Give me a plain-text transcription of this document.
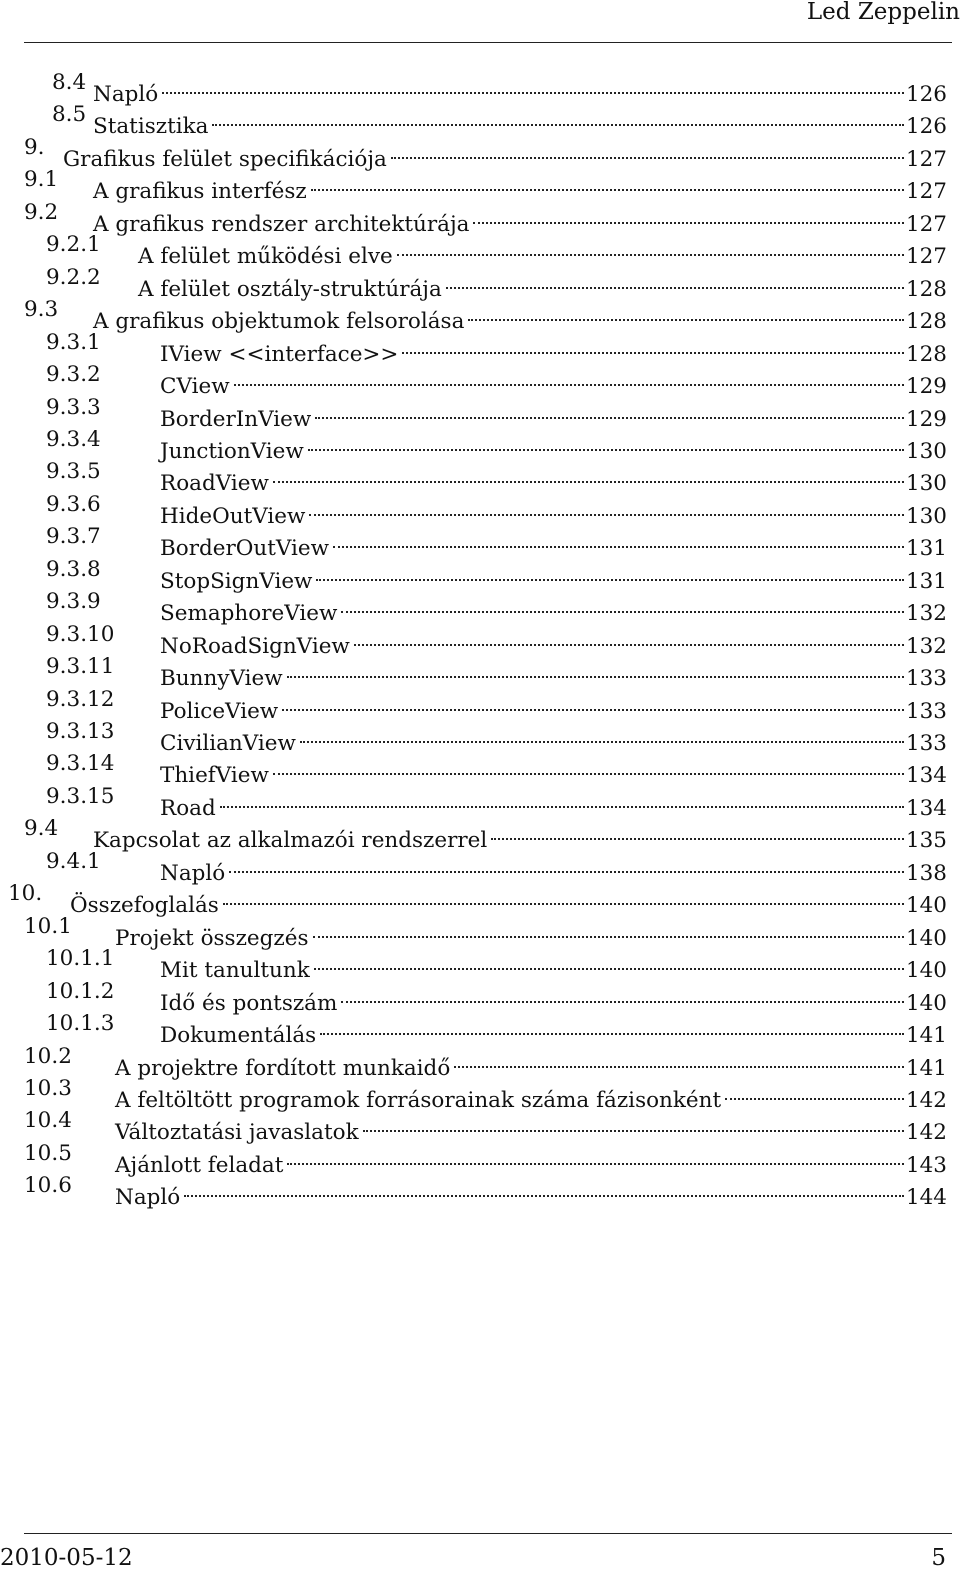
Led Zeppelin
8.4 Napló	126
8.5 Statisztika	126
9. Grafikus felület specifikációja	127
9.1 A grafikus interfész	127
9.2 A grafikus rendszer architektúrája	127
9.2.1 A felület működési elve	127
9.2.2 A felület osztály-struktúrája	128
9.3 A grafikus objektumok felsorolása	128
9.3.1	IView <<interface>>	128
9.3.2	CView	129
9.3.3	BorderInView	129
9.3.4	JunctionView	130
9.3.5	RoadView	130
9.3.6	HideOutView	130
9.3.7	BorderOutView	131
9.3.8	StopSignView	131
9.3.9	SemaphoreView	132
9.3.10 NoRoadSignView	132
9.3.11 BunnyView	133
9.3.12 PoliceView	133
9.3.13 CivilianView	133
9.3.14 ThiefView	134
9.3.15 Road	134
9.4 Kapcsolat az alkalmazói rendszerrel	135
9.4.1	Napló	138
10. Összefoglalás	140
10.1 Projekt összegzés	140
10.1.1 Mit tanultunk	140
10.1.2 Idő és pontszám	140
10.1.3 Dokumentálás	141
10.2 A projektre fordított munkaidő	141
10.3 A feltöltött programok forrásorainak száma fázisonként	142
10.4 Változtatási javaslatok	142
10.5 Ajánlott feladat	143
10.6 Napló	144
2010-05-12	5
